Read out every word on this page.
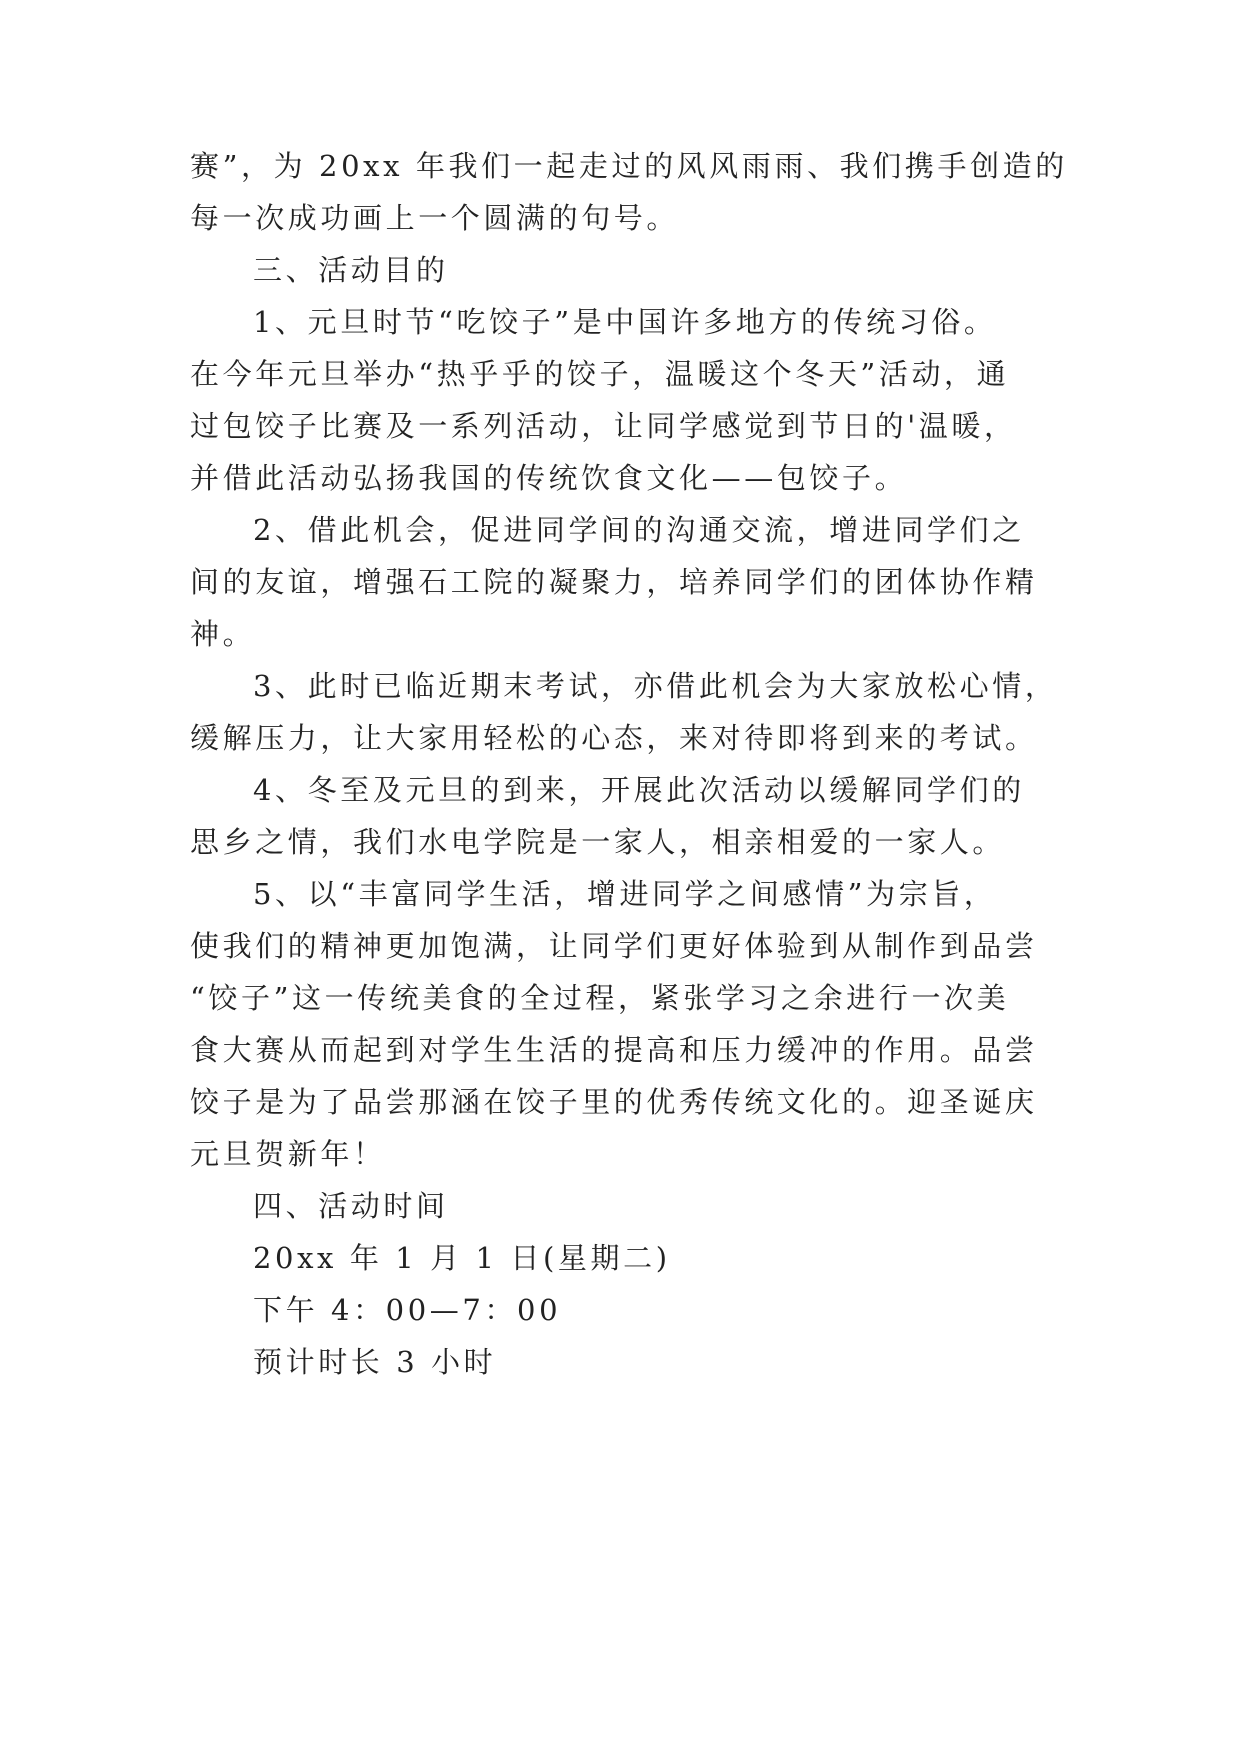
赛”，为 20xx 年我们一起走过的风风雨雨、我们携手创造的
每一次成功画上一个圆满的句号。
三、活动目的
1、元旦时节“吃饺子”是中国许多地方的传统习俗。
在今年元旦举办“热乎乎的饺子，温暖这个冬天”活动，通
过包饺子比赛及一系列活动，让同学感觉到节日的'温暖，
并借此活动弘扬我国的传统饮食文化——包饺子。
2、借此机会，促进同学间的沟通交流，增进同学们之
间的友谊，增强石工院的凝聚力，培养同学们的团体协作精
神。
3、此时已临近期末考试，亦借此机会为大家放松心情，
缓解压力，让大家用轻松的心态，来对待即将到来的考试。
4、冬至及元旦的到来，开展此次活动以缓解同学们的
思乡之情，我们水电学院是一家人，相亲相爱的一家人。
5、以“丰富同学生活，增进同学之间感情”为宗旨，
使我们的精神更加饱满，让同学们更好体验到从制作到品尝
“饺子”这一传统美食的全过程，紧张学习之余进行一次美
食大赛从而起到对学生生活的提高和压力缓冲的作用。品尝
饺子是为了品尝那涵在饺子里的优秀传统文化的。迎圣诞庆
元旦贺新年！
四、活动时间
20xx 年 1 月 1 日(星期二)
下午 4：00—7：00
预计时长 3 小时
